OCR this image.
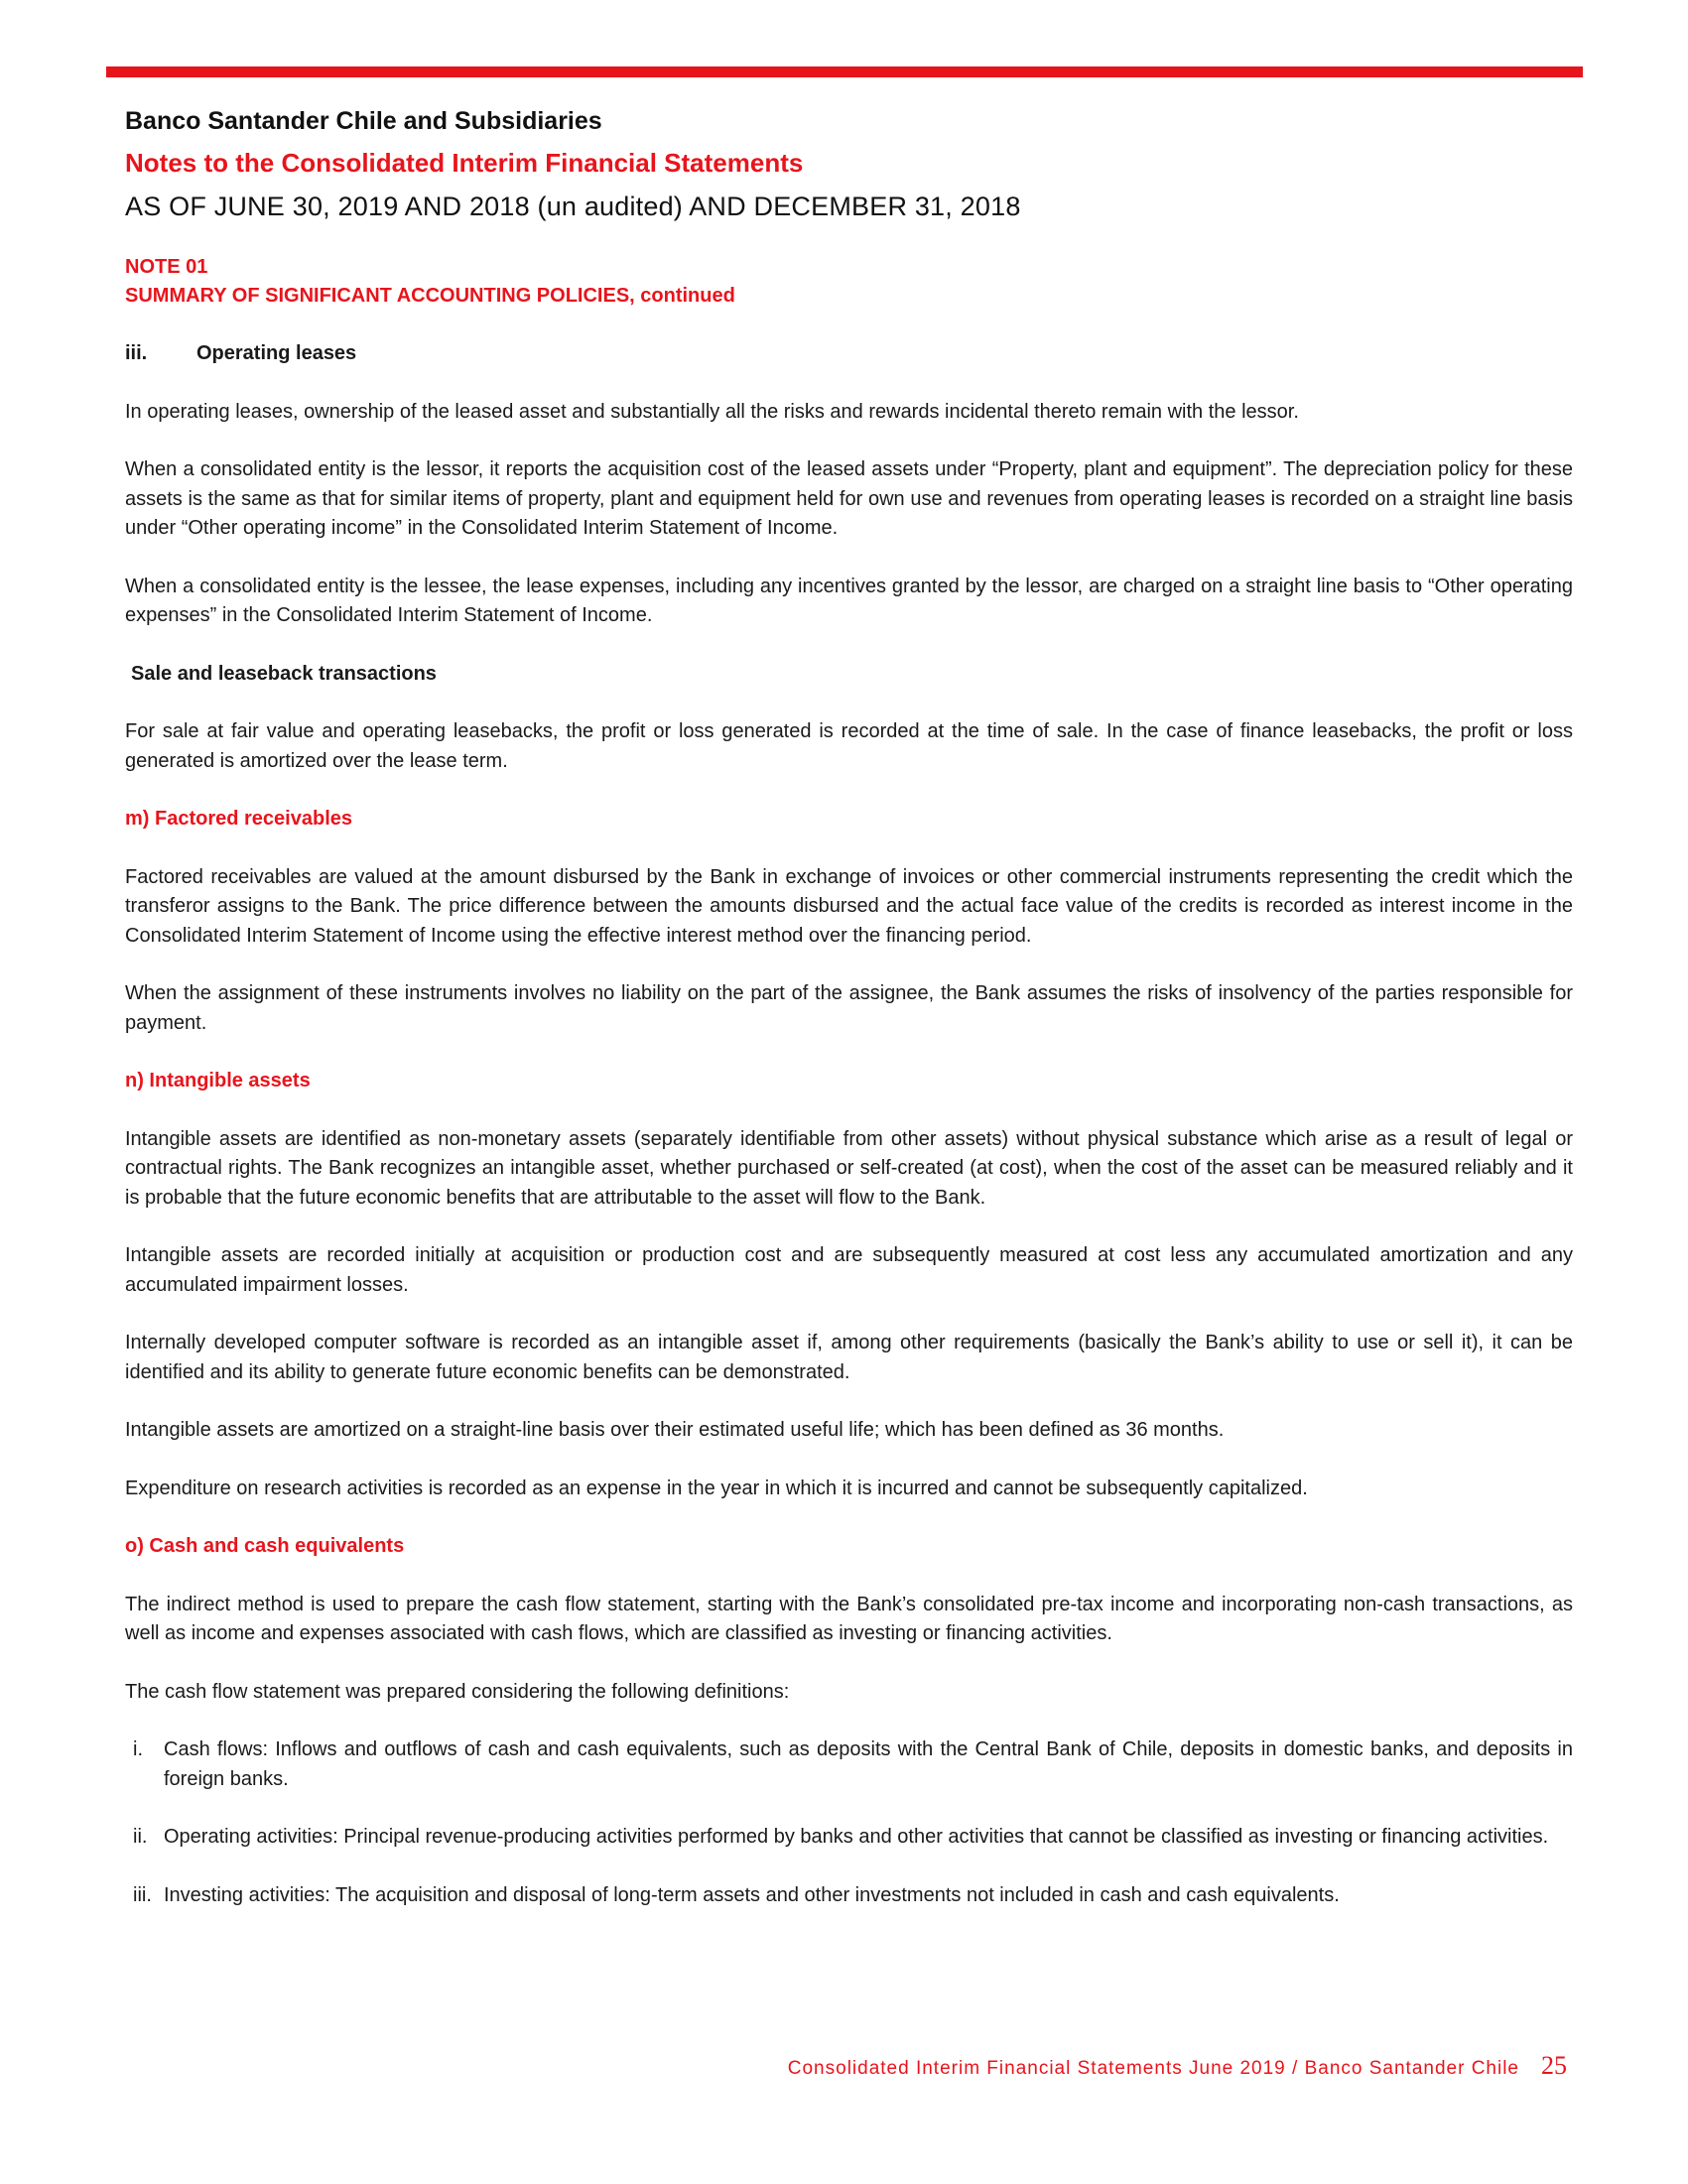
Banco Santander Chile and Subsidiaries

Notes to the Consolidated Interim Financial Statements

AS OF JUNE 30, 2019 AND 2018 (un audited) AND DECEMBER 31, 2018

NOTE 01

SUMMARY OF SIGNIFICANT ACCOUNTING POLICIES, continued

iii.	Operating leases

In operating leases, ownership of the leased asset and substantially all the risks and rewards incidental thereto remain with the lessor.

When a consolidated entity is the lessor, it reports the acquisition cost of the leased assets under “Property, plant and equipment”. The depreciation policy for these assets is the same as that for similar items of property, plant and equipment held for own use and revenues from operating leases is recorded on a straight line basis under “Other operating income” in the Consolidated Interim Statement of Income.

When a consolidated entity is the lessee, the lease expenses, including any incentives granted by the lessor, are charged on a straight line basis to “Other operating expenses” in the Consolidated Interim Statement of Income.

Sale and leaseback transactions

For sale at fair value and operating leasebacks, the profit or loss generated is recorded at the time of sale. In the case of finance leasebacks, the profit or loss generated is amortized over the lease term.

m) Factored receivables

Factored receivables are valued at the amount disbursed by the Bank in exchange of invoices or other commercial instruments representing the credit which the transferor assigns to the Bank. The price difference between the amounts disbursed and the actual face value of the credits is recorded as interest income in the Consolidated Interim Statement of Income using the effective interest method over the financing period.

When the assignment of these instruments involves no liability on the part of the assignee, the Bank assumes the risks of insolvency of the parties responsible for payment.

n) Intangible assets

Intangible assets are identified as non-monetary assets (separately identifiable from other assets) without physical substance which arise as a result of legal or contractual rights. The Bank recognizes an intangible asset, whether purchased or self-created (at cost), when the cost of the asset can be measured reliably and it is probable that the future economic benefits that are attributable to the asset will flow to the Bank.

Intangible assets are recorded initially at acquisition or production cost and are subsequently measured at cost less any accumulated amortization and any accumulated impairment losses.

Internally developed computer software is recorded as an intangible asset if, among other requirements (basically the Bank’s ability to use or sell it), it can be identified and its ability to generate future economic benefits can be demonstrated.

Intangible assets are amortized on a straight-line basis over their estimated useful life; which has been defined as 36 months.

Expenditure on research activities is recorded as an expense in the year in which it is incurred and cannot be subsequently capitalized.

o) Cash and cash equivalents

The indirect method is used to prepare the cash flow statement, starting with the Bank’s consolidated pre-tax income and incorporating non-cash transactions, as well as income and expenses associated with cash flows, which are classified as investing or financing activities.

The cash flow statement was prepared considering the following definitions:

i.	Cash flows: Inflows and outflows of cash and cash equivalents, such as deposits with the Central Bank of Chile, deposits in domestic banks, and deposits in foreign banks.
ii. Operating activities: Principal revenue-producing activities performed by banks and other activities that cannot be classified as investing or financing activities.
iii. Investing activities: The acquisition and disposal of long-term assets and other investments not included in cash and cash equivalents.
Consolidated Interim Financial Statements June 2019 / Banco Santander Chile 25
